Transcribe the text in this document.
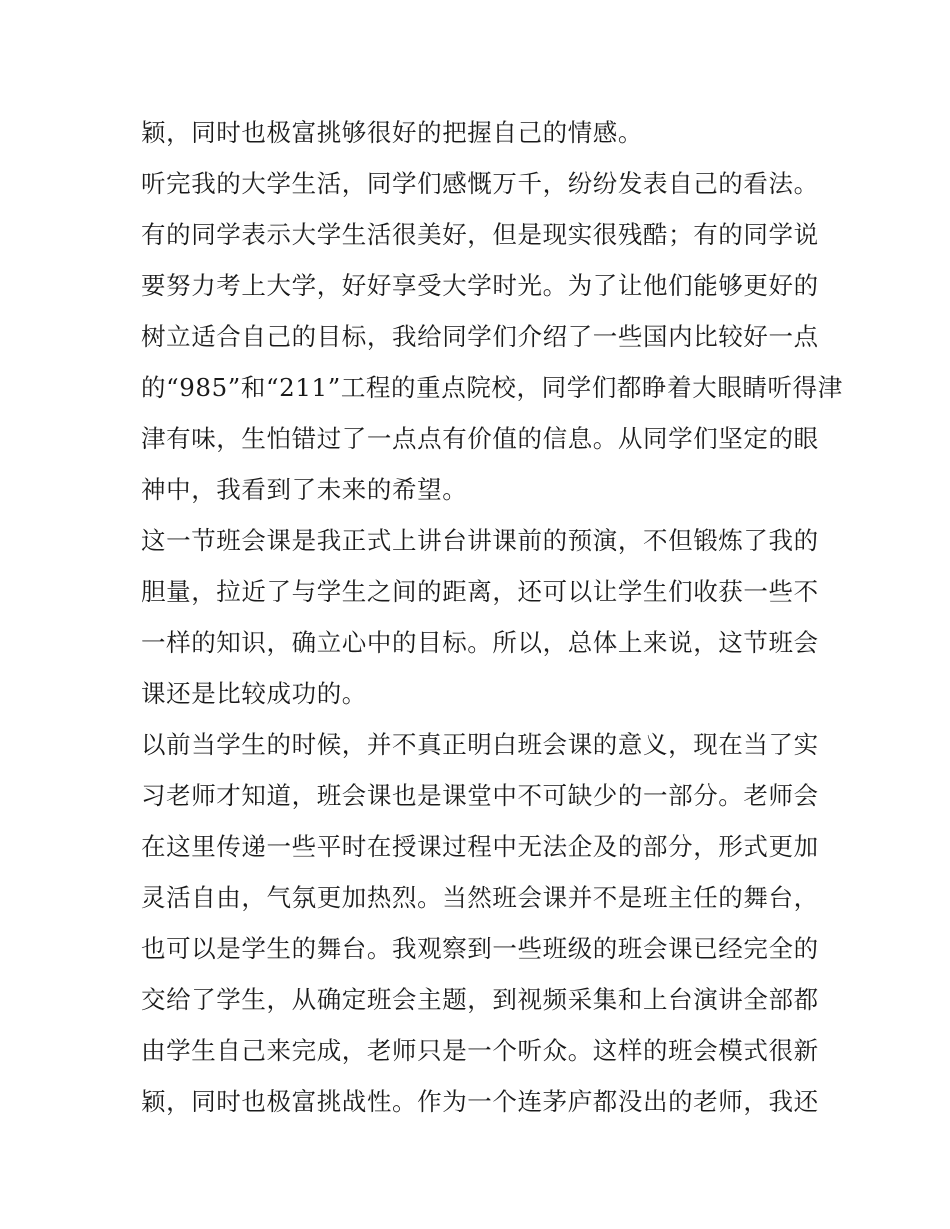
颖，同时也极富挑够很好的把握自己的情感。
听完我的大学生活，同学们感慨万千，纷纷发表自己的看法。
有的同学表示大学生活很美好，但是现实很残酷；有的同学说
要努力考上大学，好好享受大学时光。为了让他们能够更好的
树立适合自己的目标，我给同学们介绍了一些国内比较好一点
的“985”和“211”工程的重点院校，同学们都睁着大眼睛听得津
津有味，生怕错过了一点点有价值的信息。从同学们坚定的眼
神中，我看到了未来的希望。
这一节班会课是我正式上讲台讲课前的预演，不但锻炼了我的
胆量，拉近了与学生之间的距离，还可以让学生们收获一些不
一样的知识，确立心中的目标。所以，总体上来说，这节班会
课还是比较成功的。
以前当学生的时候，并不真正明白班会课的意义，现在当了实
习老师才知道，班会课也是课堂中不可缺少的一部分。老师会
在这里传递一些平时在授课过程中无法企及的部分，形式更加
灵活自由，气氛更加热烈。当然班会课并不是班主任的舞台，
也可以是学生的舞台。我观察到一些班级的班会课已经完全的
交给了学生，从确定班会主题，到视频采集和上台演讲全部都
由学生自己来完成，老师只是一个听众。这样的班会模式很新
颖，同时也极富挑战性。作为一个连茅庐都没出的老师，我还
